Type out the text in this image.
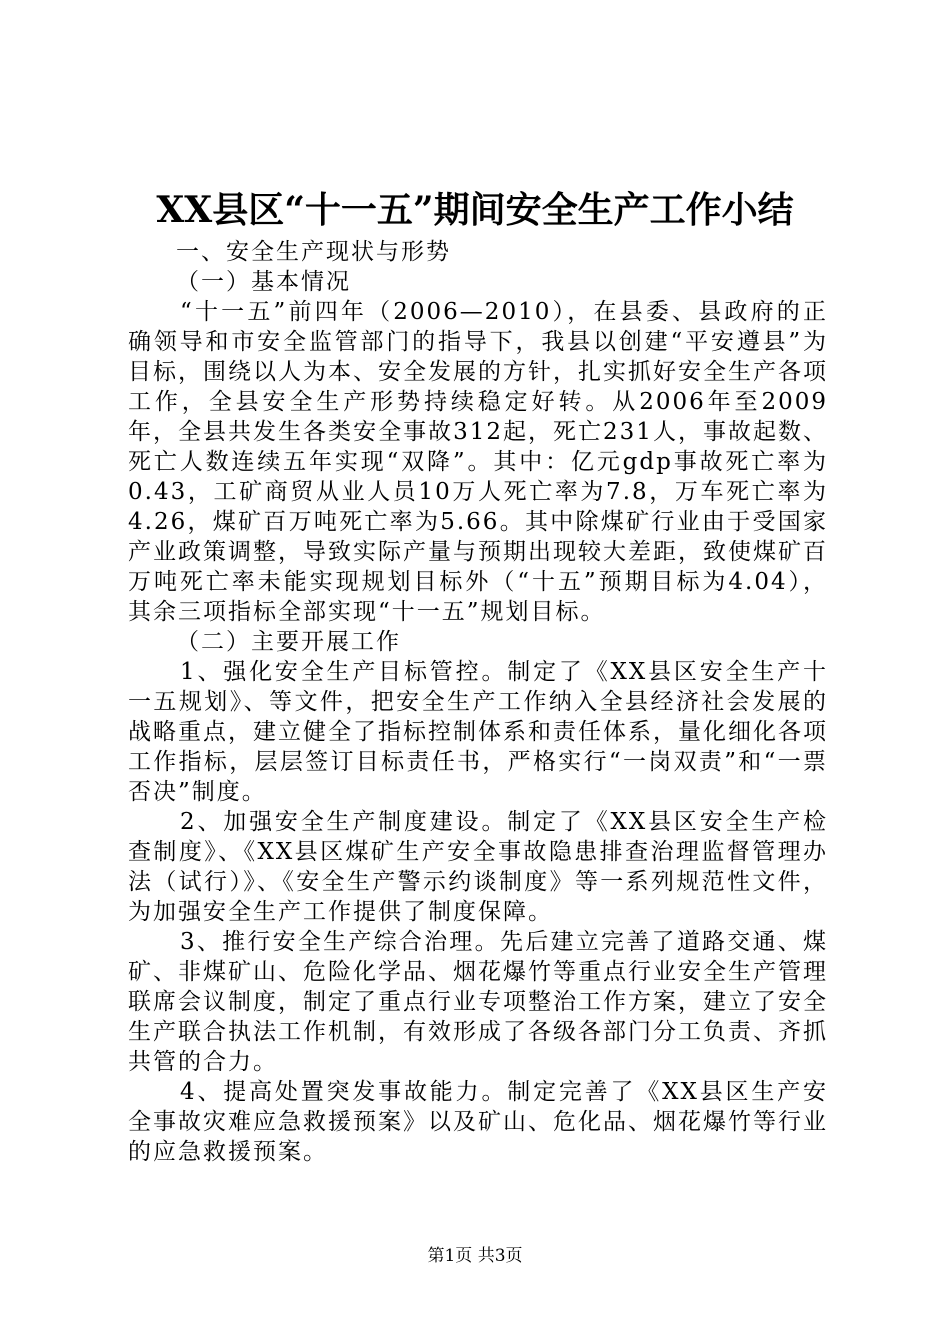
XX县区“十一五”期间安全生产工作小结

一、安全生产现状与形势

（一）基本情况

“十一五”前四年（2006—2010），在县委、县政府的正确领导和市安全监管部门的指导下，我县以创建“平安遵县”为目标，围绕以人为本、安全发展的方针，扎实抓好安全生产各项工作，全县安全生产形势持续稳定好转。从2006年至2009年，全县共发生各类安全事故312起，死亡231人，事故起数、死亡人数连续五年实现“双降”。其中：亿元gdp事故死亡率为0.43，工矿商贸从业人员10万人死亡率为7.8，万车死亡率为4.26，煤矿百万吨死亡率为5.66。其中除煤矿行业由于受国家产业政策调整，导致实际产量与预期出现较大差距，致使煤矿百万吨死亡率未能实现规划目标外（“十五”预期目标为4.04），其余三项指标全部实现“十一五”规划目标。

（二）主要开展工作

1、强化安全生产目标管控。制定了《XX县区安全生产十一五规划》、等文件，把安全生产工作纳入全县经济社会发展的战略重点，建立健全了指标控制体系和责任体系，量化细化各项工作指标，层层签订目标责任书，严格实行“一岗双责”和“一票否决”制度。

2、加强安全生产制度建设。制定了《XX县区安全生产检查制度》、《XX县区煤矿生产安全事故隐患排查治理监督管理办法（试行）》、《安全生产警示约谈制度》等一系列规范性文件，为加强安全生产工作提供了制度保障。

3、推行安全生产综合治理。先后建立完善了道路交通、煤矿、非煤矿山、危险化学品、烟花爆竹等重点行业安全生产管理联席会议制度，制定了重点行业专项整治工作方案，建立了安全生产联合执法工作机制，有效形成了各级各部门分工负责、齐抓共管的合力。

4、提高处置突发事故能力。制定完善了《XX县区生产安全事故灾难应急救援预案》以及矿山、危化品、烟花爆竹等行业的应急救援预案。

第1页 共3页
